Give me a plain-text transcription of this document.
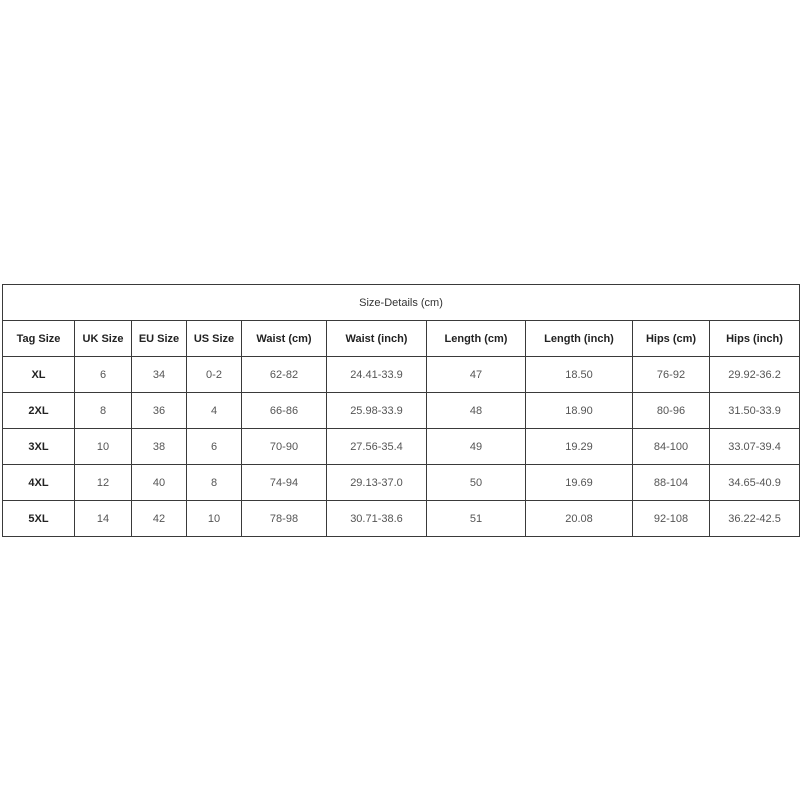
Size-Details (cm)									
Tag Size	UK Size	EU Size	US Size	Waist (cm)	Waist (inch)	Length (cm)	Length (inch)	Hips (cm)	Hips (inch)
XL	6	34	0-2	62-82	24.41-33.9	47	18.50	76-92	29.92-36.2
2XL	8	36	4	66-86	25.98-33.9	48	18.90	80-96	31.50-33.9
3XL	10	38	6	70-90	27.56-35.4	49	19.29	84-100	33.07-39.4
4XL	12	40	8	74-94	29.13-37.0	50	19.69	88-104	34.65-40.9
5XL	14	42	10	78-98	30.71-38.6	51	20.08	92-108	36.22-42.5
